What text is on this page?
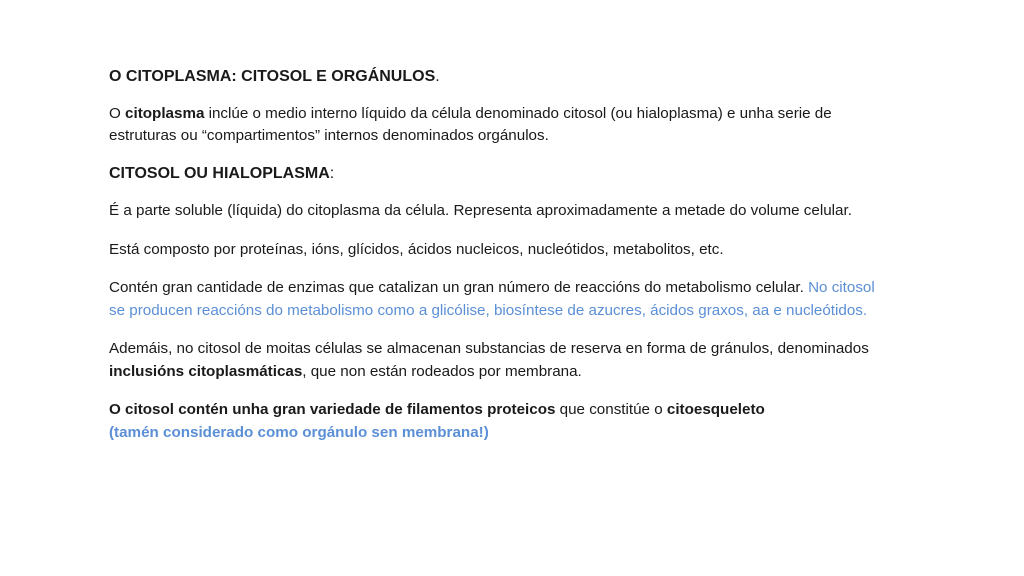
O CITOPLASMA: CITOSOL E ORGÁNULOS.

O citoplasma inclúe o medio interno líquido da célula denominado citosol (ou hialoplasma) e unha serie de estruturas ou “compartimentos” internos denominados orgánulos.

CITOSOL OU HIALOPLASMA:

É a parte soluble (líquida) do citoplasma da célula. Representa aproximadamente a metade do volume celular.

Está composto por proteínas, ións, glícidos, ácidos nucleicos, nucleótidos, metabolitos, etc.

Contén gran cantidade de enzimas que catalizan un gran número de reaccións do metabolismo celular. No citosol se producen reaccións do metabolismo como a glicólise, biosíntese de azucres, ácidos graxos, aa e nucleótidos.

Ademáis, no citosol de moitas células se almacenan substancias de reserva en forma de gránulos, denominados inclusións citoplasmáticas, que non están rodeados por membrana.

O citosol contén unha gran variedade de filamentos proteicos que constitúe o citoesqueleto
(tamén considerado como orgánulo sen membrana!)
